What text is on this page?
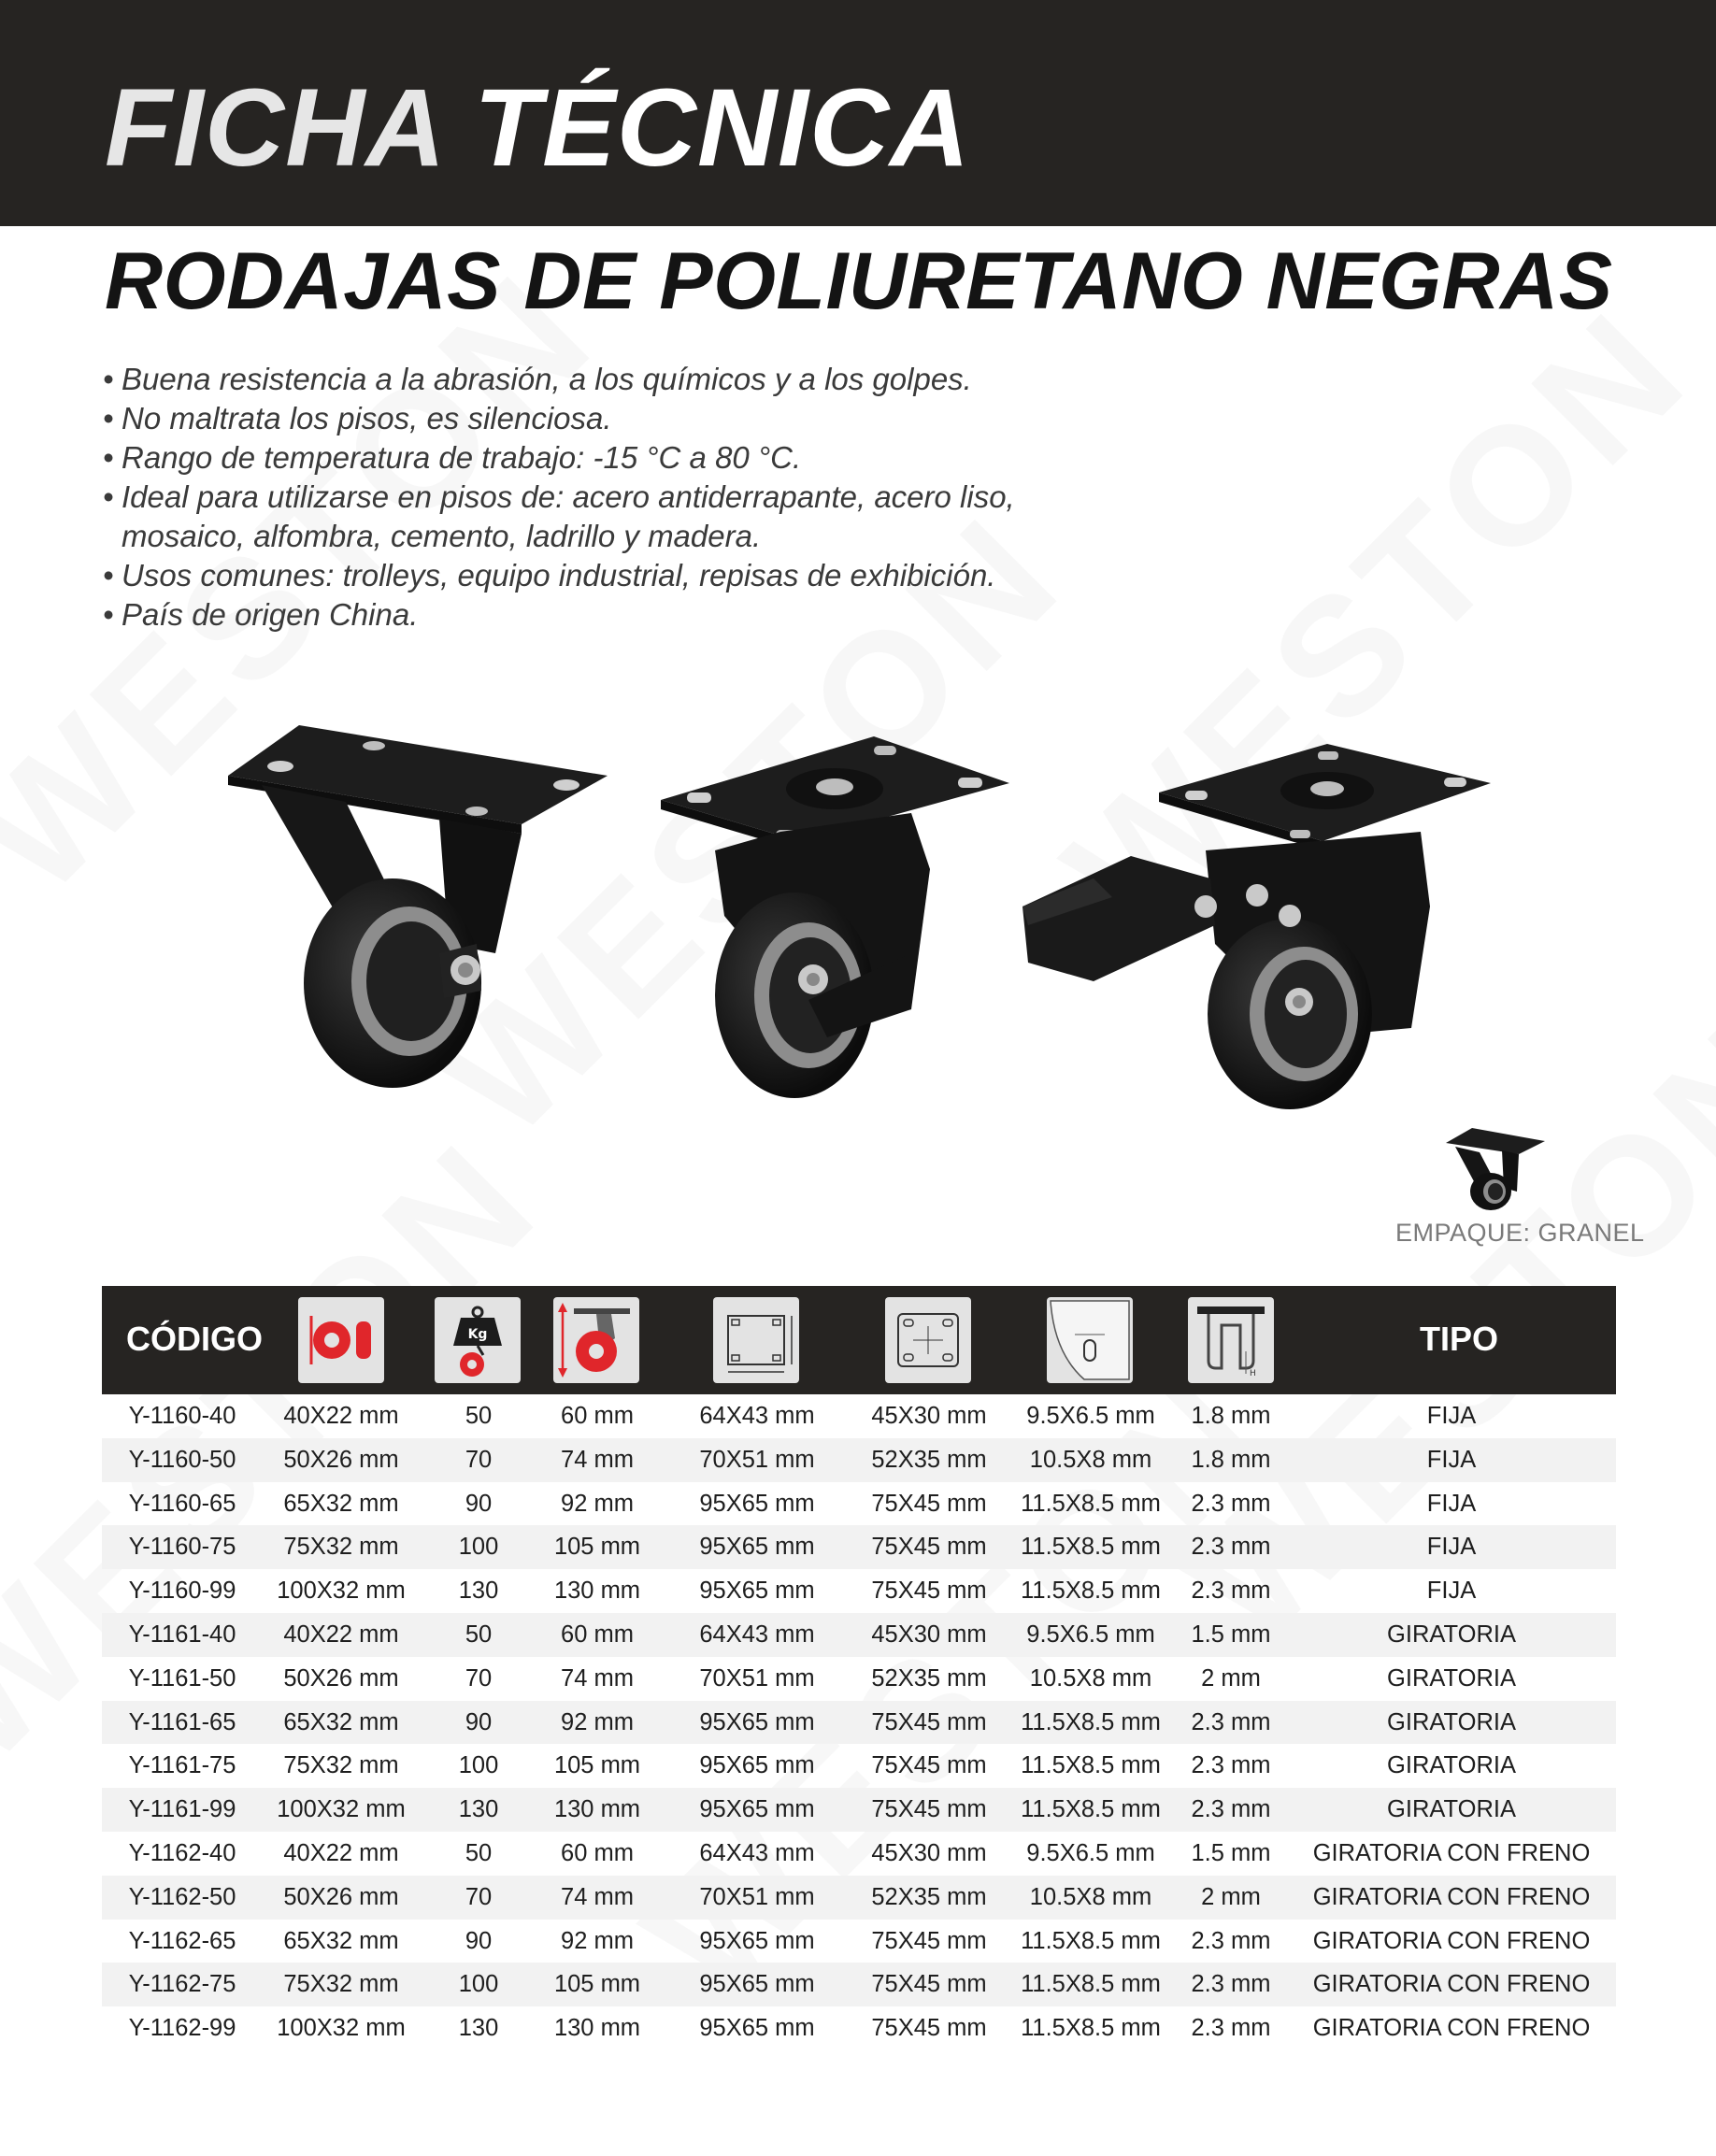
FICHA TÉCNICA
RODAJAS DE POLIURETANO NEGRAS
• Buena resistencia a la abrasión, a los químicos y a los golpes.
• No maltrata los pisos, es silenciosa.
• Rango de temperatura de trabajo: -15 °C a 80 °C.
• Ideal para utilizarse en pisos de: acero antiderrapante, acero liso, mosaico, alfombra, cemento, ladrillo y madera.
• Usos comunes: trolleys, equipo industrial, repisas de exhibición.
• País de origen China.
EMPAQUE: GRANEL
CÓDIGO	Kg
H
TIPO
Y-1160-40 40X22 mm	50	60 mm	64X43 mm 45X30 mm 9.5X6.5 mm 1.8 mm	FIJA
Y-1160-50 50X26 mm	70	74 mm	70X51 mm 52X35 mm 10.5X8 mm 1.8 mm	FIJA
Y-1160-65 65X32 mm	90	92 mm	95X65 mm 75X45 mm 11.5X8.5 mm 2.3 mm	FIJA
Y-1160-75 75X32 mm	100 105 mm 95X65 mm 75X45 mm 11.5X8.5 mm 2.3 mm	FIJA
Y-1160-99 100X32 mm 130 130 mm 95X65 mm 75X45 mm 11.5X8.5 mm 2.3 mm	FIJA
Y-1161-40 40X22 mm	50	60 mm	64X43 mm 45X30 mm 9.5X6.5 mm 1.5 mm	GIRATORIA
Y-1161-50 50X26 mm	70	74 mm	70X51 mm 52X35 mm 10.5X8 mm 2 mm	GIRATORIA
Y-1161-65 65X32 mm	90	92 mm	95X65 mm 75X45 mm 11.5X8.5 mm 2.3 mm	GIRATORIA
Y-1161-75 75X32 mm	100 105 mm 95X65 mm 75X45 mm 11.5X8.5 mm 2.3 mm	GIRATORIA
Y-1161-99 100X32 mm 130 130 mm 95X65 mm 75X45 mm 11.5X8.5 mm 2.3 mm	GIRATORIA
Y-1162-40 40X22 mm	50	60 mm	64X43 mm 45X30 mm 9.5X6.5 mm 1.5 mm GIRATORIA CON FRENO
Y-1162-50 50X26 mm	70	74 mm	70X51 mm 52X35 mm 10.5X8 mm 2 mm GIRATORIA CON FRENO
Y-1162-65 65X32 mm	90	92 mm	95X65 mm 75X45 mm 11.5X8.5 mm 2.3 mm GIRATORIA CON FRENO
Y-1162-75 75X32 mm	100 105 mm 95X65 mm 75X45 mm 11.5X8.5 mm 2.3 mm GIRATORIA CON FRENO
Y-1162-99 100X32 mm 130 130 mm 95X65 mm 75X45 mm 11.5X8.5 mm 2.3 mm GIRATORIA CON FRENO
